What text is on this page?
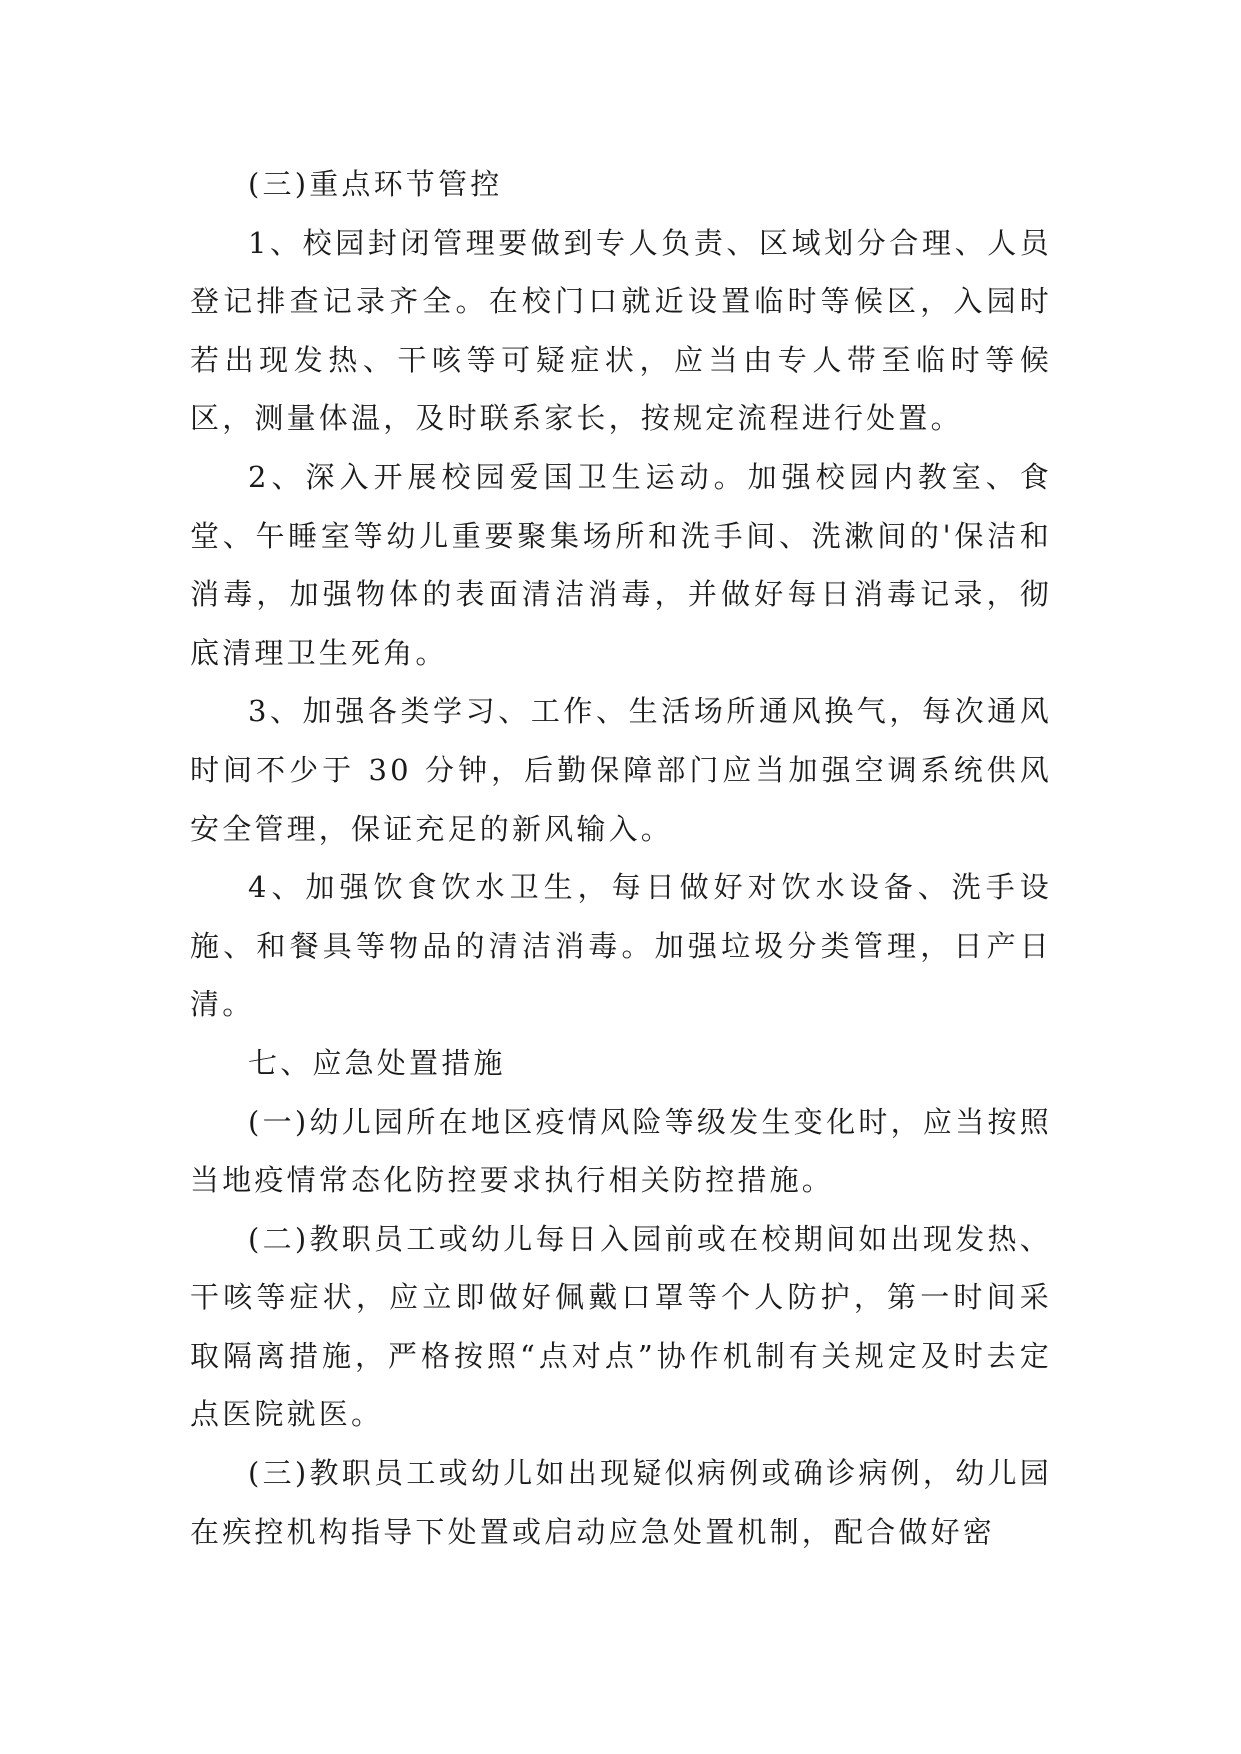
(三)重点环节管控

1、校园封闭管理要做到专人负责、区域划分合理、人员登记排查记录齐全。在校门口就近设置临时等候区，入园时若出现发热、干咳等可疑症状，应当由专人带至临时等候区，测量体温，及时联系家长，按规定流程进行处置。

2、深入开展校园爱国卫生运动。加强校园内教室、食堂、午睡室等幼儿重要聚集场所和洗手间、洗漱间的'保洁和消毒，加强物体的表面清洁消毒，并做好每日消毒记录，彻底清理卫生死角。

3、加强各类学习、工作、生活场所通风换气，每次通风时间不少于 30 分钟，后勤保障部门应当加强空调系统供风安全管理，保证充足的新风输入。

4、加强饮食饮水卫生，每日做好对饮水设备、洗手设施、和餐具等物品的清洁消毒。加强垃圾分类管理，日产日清。

七、应急处置措施

(一)幼儿园所在地区疫情风险等级发生变化时，应当按照当地疫情常态化防控要求执行相关防控措施。

(二)教职员工或幼儿每日入园前或在校期间如出现发热、干咳等症状，应立即做好佩戴口罩等个人防护，第一时间采取隔离措施，严格按照“点对点”协作机制有关规定及时去定点医院就医。

(三)教职员工或幼儿如出现疑似病例或确诊病例，幼儿园在疾控机构指导下处置或启动应急处置机制，配合做好密
